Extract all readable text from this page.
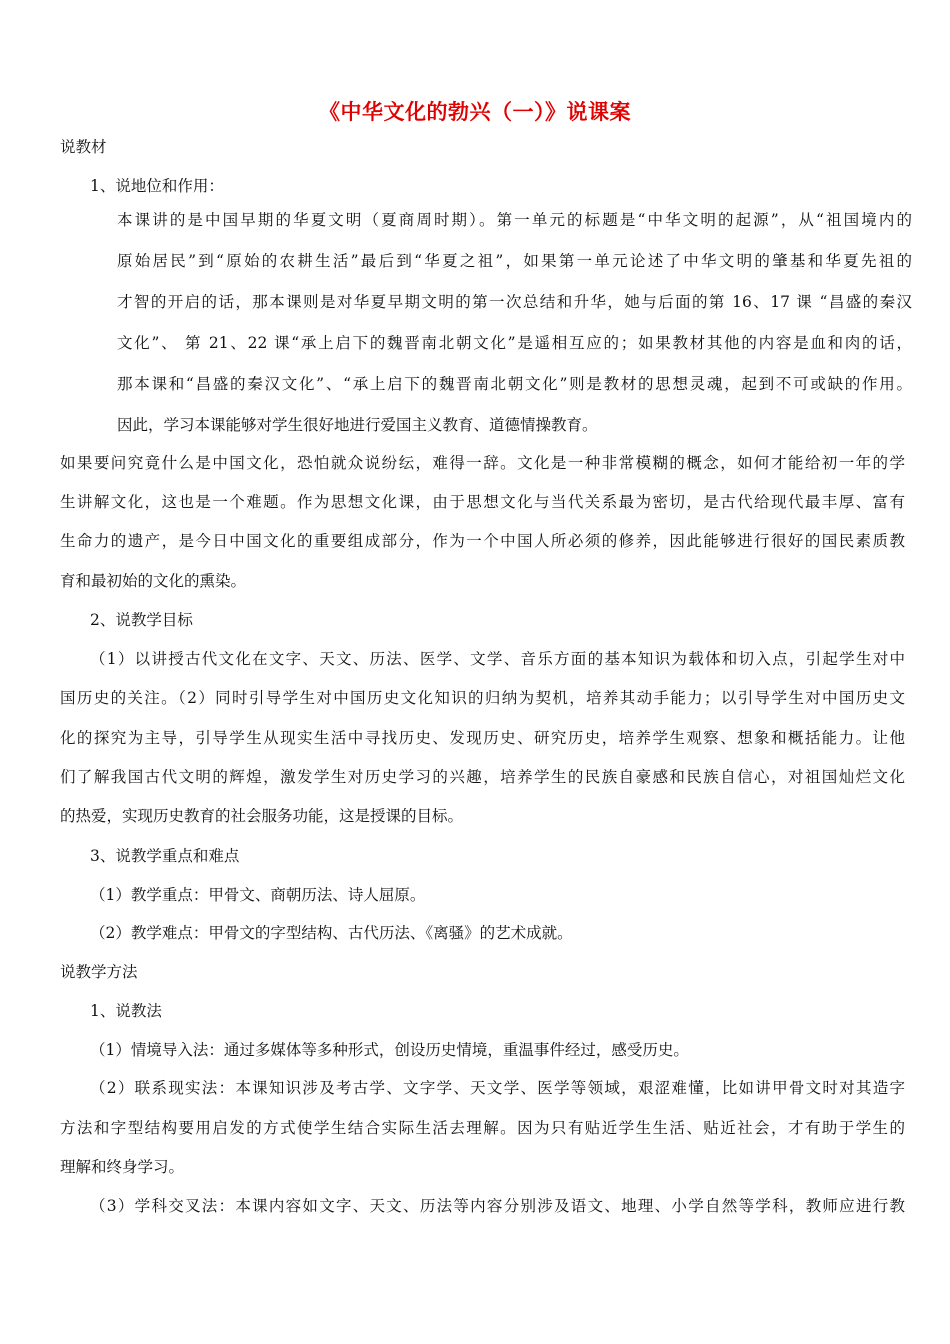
《中华文化的勃兴（一）》说课案
说教材
1、说地位和作用：
本课讲的是中国早期的华夏文明（夏商周时期）。第一单元的标题是“中华文明的起源”，从“祖国境内的
原始居民”到“原始的农耕生活”最后到“华夏之祖”，如果第一单元论述了中华文明的肇基和华夏先祖的
才智的开启的话，那本课则是对华夏早期文明的第一次总结和升华，她与后面的第 16、17 课 “昌盛的秦汉
文化”、 第 21、22 课“承上启下的魏晋南北朝文化”是遥相互应的；如果教材其他的内容是血和肉的话，
那本课和“昌盛的秦汉文化”、“承上启下的魏晋南北朝文化”则是教材的思想灵魂，起到不可或缺的作用。
因此，学习本课能够对学生很好地进行爱国主义教育、道德情操教育。
如果要问究竟什么是中国文化，恐怕就众说纷纭，难得一辞。文化是一种非常模糊的概念，如何才能给初一年的学
生讲解文化，这也是一个难题。作为思想文化课，由于思想文化与当代关系最为密切，是古代给现代最丰厚、富有
生命力的遗产，是今日中国文化的重要组成部分，作为一个中国人所必须的修养，因此能够进行很好的国民素质教
育和最初始的文化的熏染。
2、说教学目标
（1）以讲授古代文化在文字、天文、历法、医学、文学、音乐方面的基本知识为载体和切入点，引起学生对中
国历史的关注。（2）同时引导学生对中国历史文化知识的归纳为契机，培养其动手能力；以引导学生对中国历史文
化的探究为主导，引导学生从现实生活中寻找历史、发现历史、研究历史，培养学生观察、想象和概括能力。让他
们了解我国古代文明的辉煌，激发学生对历史学习的兴趣，培养学生的民族自豪感和民族自信心，对祖国灿烂文化
的热爱，实现历史教育的社会服务功能，这是授课的目标。
3、说教学重点和难点
（1）教学重点：甲骨文、商朝历法、诗人屈原。
（2）教学难点：甲骨文的字型结构、古代历法、《离骚》的艺术成就。
说教学方法
1、说教法
（1）情境导入法：通过多媒体等多种形式，创设历史情境，重温事件经过，感受历史。
（2）联系现实法：本课知识涉及考古学、文字学、天文学、医学等领域，艰涩难懂，比如讲甲骨文时对其造字
方法和字型结构要用启发的方式使学生结合实际生活去理解。因为只有贴近学生生活、贴近社会，才有助于学生的
理解和终身学习。
（3）学科交叉法：本课内容如文字、天文、历法等内容分别涉及语文、地理、小学自然等学科，教师应进行教
